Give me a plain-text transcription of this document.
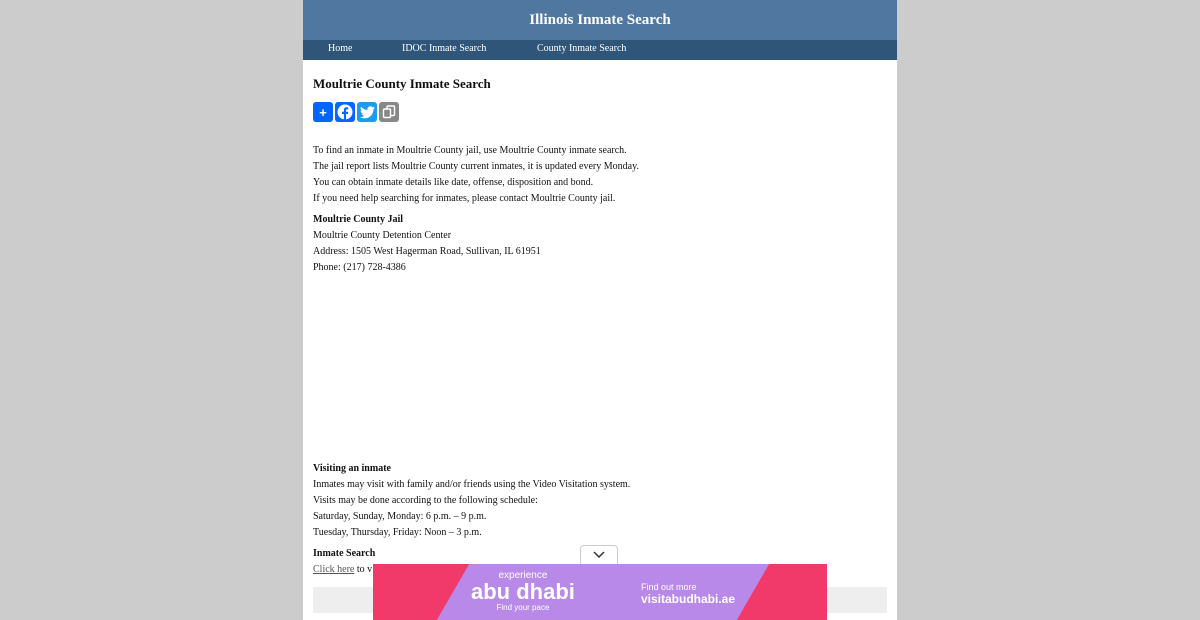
Illinois Inmate Search
Home	IDOC Inmate Search	County Inmate Search
Moultrie County Inmate Search
+
To find an inmate in Moultrie County jail, use Moultrie County inmate search.
The jail report lists Moultrie County current inmates, it is updated every Monday.
You can obtain inmate details like date, offense, disposition and bond.
If you need help searching for inmates, please contact Moultrie County jail.
Moultrie County Jail
Moultrie County Detention Center
Address: 1505 West Hagerman Road, Sullivan, IL 61951
Phone: (217) 728-4386
Visiting an inmate
Inmates may visit with family and/or friends using the Video Visitation system.
Visits may be done according to the following schedule:
Saturday, Sunday, Monday: 6 p.m. – 9 p.m.
Tuesday, Thursday, Friday: Noon – 3 p.m.
Inmate Search
Click here to v
experience
abu dhabi
Find your pace
Find out more
visitabudhabi.ae
